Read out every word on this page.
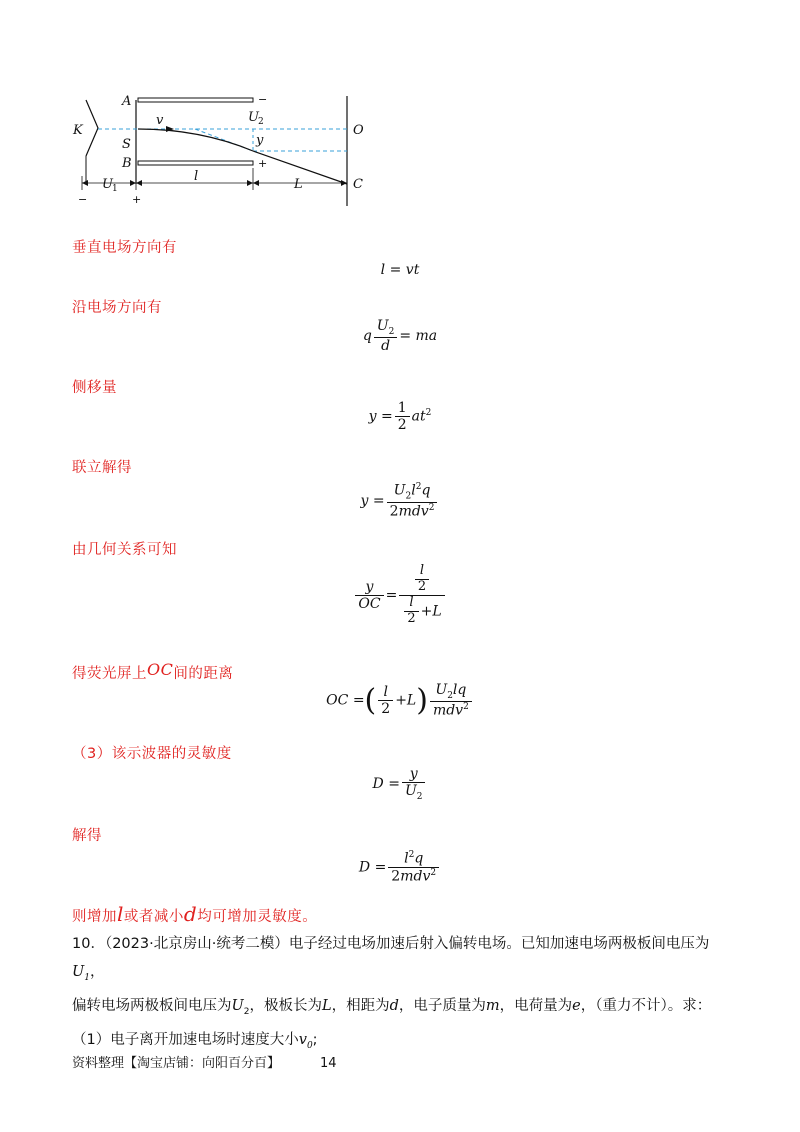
A
K
S
B
v	U 2
y
O
C
U 1
l
L
−
+
−	+
垂直电场方向有
l = vt
沿电场方向有
q $\frac{U_2}{d}$ = ma
侧移量
$y = \frac{1}{2} at^2$
联立解得
$y = \frac{U_2l^2q}{2mdv^2}$
由几何关系可知
$\frac{y}{OC} = \frac{\frac{l}{2}}{\frac{l}{2} +L}$
得荧光屏上OC间的距离
OC =( $\frac{l}{2} +L) \frac{U_2lq}{mdv^2}$
（3）该示波器的灵敏度
$D = \frac{y}{U_2}$
解得
$D = \frac{l^2q}{2mdv^2}$
则增加l或者减小d均可增加灵敏度。
10．（2023·北京房山·统考二模）电子经过电场加速后射入偏转电场。已知加速电场两极板间电压为$U_1$，
偏转电场两极板间电压为$U_2$，极板长为L，相距为d，电子质量为m，电荷量为e，（重力不计）。求：
（1）电子离开加速电场时速度大小$v_0$;
资料整理【淘宝店铺：向阳百分百】	14
